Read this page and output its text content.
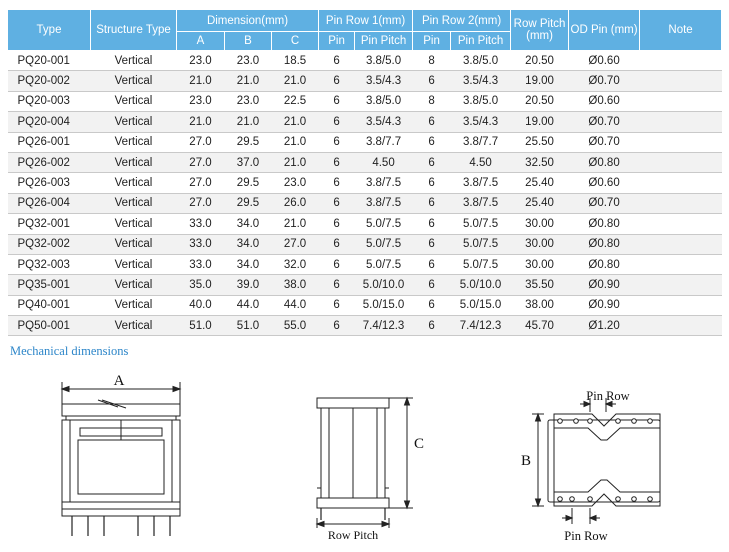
Type	Structure Type	Dimension(mm)			Pin Row 1(mm)		Pin Row 2(mm)		Row Pitch (mm)	OD Pin (mm)	Note
		A	B	C	Pin	Pin Pitch	Pin	Pin Pitch			
PQ20-001	Vertical	23.0	23.0	18.5	6	3.8/5.0	8	3.8/5.0	20.50	Ø0.60	
PQ20-002	Vertical	21.0	21.0	21.0	6	3.5/4.3	6	3.5/4.3	19.00	Ø0.70	
PQ20-003	Vertical	23.0	23.0	22.5	6	3.8/5.0	8	3.8/5.0	20.50	Ø0.60	
PQ20-004	Vertical	21.0	21.0	21.0	6	3.5/4.3	6	3.5/4.3	19.00	Ø0.70	
PQ26-001	Vertical	27.0	29.5	21.0	6	3.8/7.7	6	3.8/7.7	25.50	Ø0.70	
PQ26-002	Vertical	27.0	37.0	21.0	6	4.50	6	4.50	32.50	Ø0.80	
PQ26-003	Vertical	27.0	29.5	23.0	6	3.8/7.5	6	3.8/7.5	25.40	Ø0.60	
PQ26-004	Vertical	27.0	29.5	26.0	6	3.8/7.5	6	3.8/7.5	25.40	Ø0.70	
PQ32-001	Vertical	33.0	34.0	21.0	6	5.0/7.5	6	5.0/7.5	30.00	Ø0.80	
PQ32-002	Vertical	33.0	34.0	27.0	6	5.0/7.5	6	5.0/7.5	30.00	Ø0.80	
PQ32-003	Vertical	33.0	34.0	32.0	6	5.0/7.5	6	5.0/7.5	30.00	Ø0.80	
PQ35-001	Vertical	35.0	39.0	38.0	6	5.0/10.0	6	5.0/10.0	35.50	Ø0.90	
PQ40-001	Vertical	40.0	44.0	44.0	6	5.0/15.0	6	5.0/15.0	38.00	Ø0.90	
PQ50-001	Vertical	51.0	51.0	55.0	6	7.4/12.3	6	7.4/12.3	45.70	Ø1.20	
Mechanical dimensions
A
C
Row Pitch
B
Pin Row
Pin Row
